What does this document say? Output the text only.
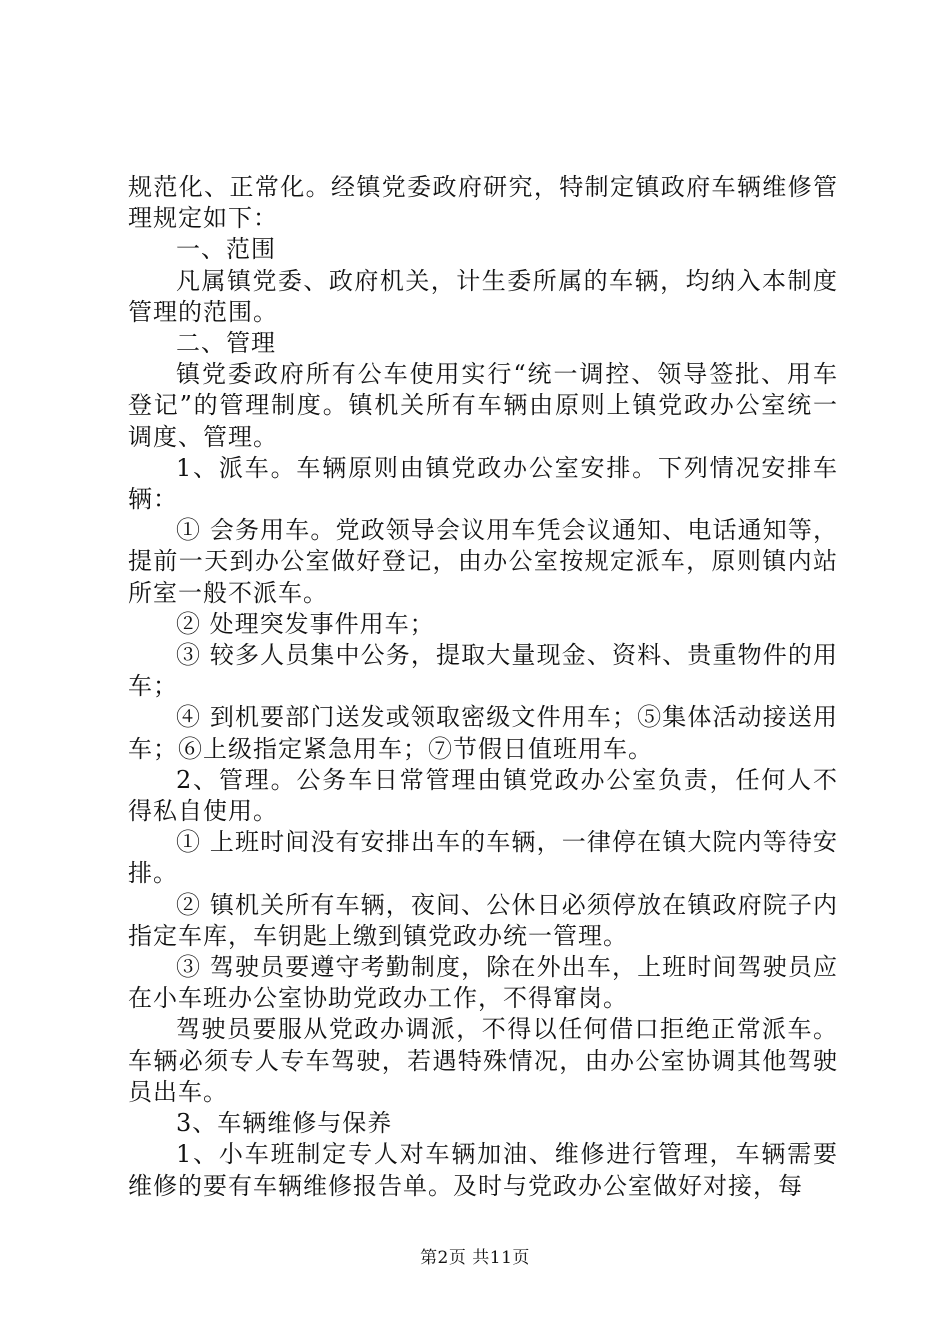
规范化、正常化。经镇党委政府研究，特制定镇政府车辆维修管理规定如下：

一、范围

凡属镇党委、政府机关，计生委所属的车辆，均纳入本制度管理的范围。

二、管理

镇党委政府所有公车使用实行“统一调控、领导签批、用车登记”的管理制度。镇机关所有车辆由原则上镇党政办公室统一调度、管理。

1、派车。车辆原则由镇党政办公室安排。下列情况安排车辆：

① 会务用车。党政领导会议用车凭会议通知、电话通知等，提前一天到办公室做好登记，由办公室按规定派车，原则镇内站所室一般不派车。

② 处理突发事件用车；

③ 较多人员集中公务，提取大量现金、资料、贵重物件的用车；

④ 到机要部门送发或领取密级文件用车；⑤集体活动接送用车；⑥上级指定紧急用车；⑦节假日值班用车。

2、管理。公务车日常管理由镇党政办公室负责，任何人不得私自使用。

① 上班时间没有安排出车的车辆，一律停在镇大院内等待安排。

② 镇机关所有车辆，夜间、公休日必须停放在镇政府院子内指定车库，车钥匙上缴到镇党政办统一管理。

③ 驾驶员要遵守考勤制度，除在外出车，上班时间驾驶员应在小车班办公室协助党政办工作，不得窜岗。

驾驶员要服从党政办调派，不得以任何借口拒绝正常派车。车辆必须专人专车驾驶，若遇特殊情况，由办公室协调其他驾驶员出车。

3、车辆维修与保养

1、小车班制定专人对车辆加油、维修进行管理，车辆需要维修的要有车辆维修报告单。及时与党政办公室做好对接，每

第2页 共11页
